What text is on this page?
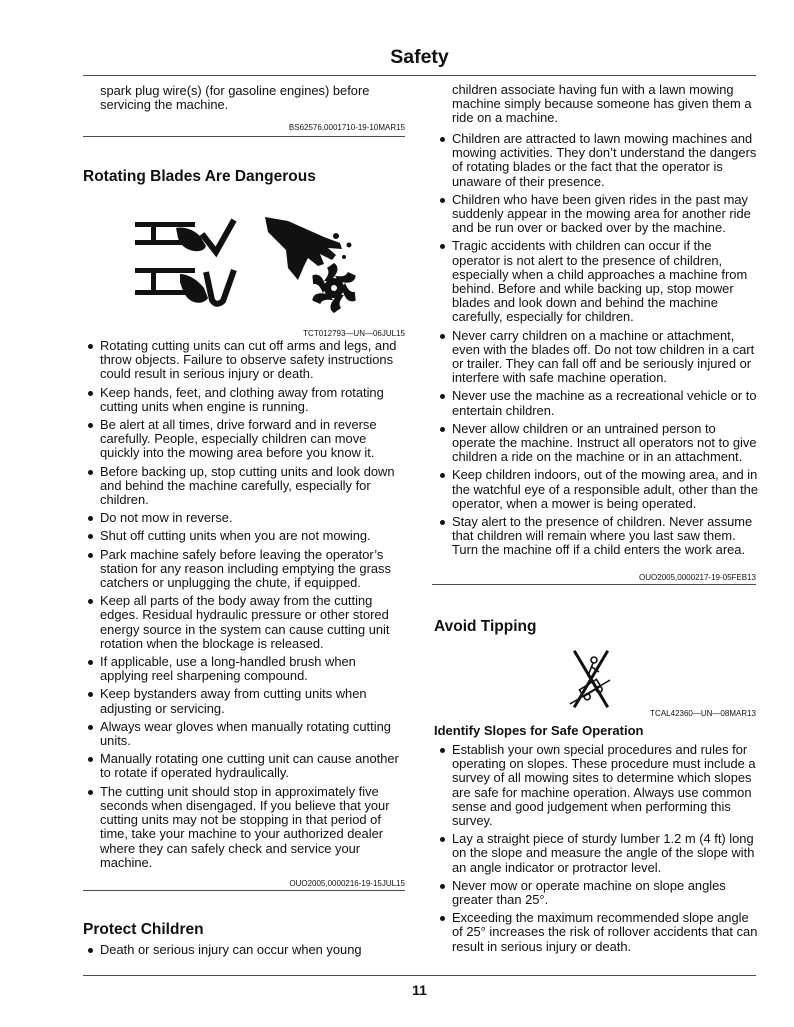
Safety
spark plug wire(s) (for gasoline engines) before
servicing the machine.
BS62576,0001710-19-10MAR15
Rotating Blades Are Dangerous
TCT012793—UN—06JUL15
Rotating cutting units can cut off arms and legs, and
throw objects. Failure to observe safety instructions
could result in serious injury or death.
Keep hands, feet, and clothing away from rotating
cutting units when engine is running.
Be alert at all times, drive forward and in reverse
carefully. People, especially children can move
quickly into the mowing area before you know it.
Before backing up, stop cutting units and look down
and behind the machine carefully, especially for
children.
Do not mow in reverse.
Shut off cutting units when you are not mowing.
Park machine safely before leaving the operator’s
station for any reason including emptying the grass
catchers or unplugging the chute, if equipped.
Keep all parts of the body away from the cutting
edges. Residual hydraulic pressure or other stored
energy source in the system can cause cutting unit
rotation when the blockage is released.
If applicable, use a long-handled brush when
applying reel sharpening compound.
Keep bystanders away from cutting units when
adjusting or servicing.
Always wear gloves when manually rotating cutting
units.
Manually rotating one cutting unit can cause another
to rotate if operated hydraulically.
The cutting unit should stop in approximately five
seconds when disengaged. If you believe that your
cutting units may not be stopping in that period of
time, take your machine to your authorized dealer
where they can safely check and service your
machine.
OUO2005,0000216-19-15JUL15
Protect Children
Death or serious injury can occur when young
children associate having fun with a lawn mowing
machine simply because someone has given them a
ride on a machine.
Children are attracted to lawn mowing machines and
mowing activities. They don’t understand the dangers
of rotating blades or the fact that the operator is
unaware of their presence.
Children who have been given rides in the past may
suddenly appear in the mowing area for another ride
and be run over or backed over by the machine.
Tragic accidents with children can occur if the
operator is not alert to the presence of children,
especially when a child approaches a machine from
behind. Before and while backing up, stop mower
blades and look down and behind the machine
carefully, especially for children.
Never carry children on a machine or attachment,
even with the blades off. Do not tow children in a cart
or trailer. They can fall off and be seriously injured or
interfere with safe machine operation.
Never use the machine as a recreational vehicle or to
entertain children.
Never allow children or an untrained person to
operate the machine. Instruct all operators not to give
children a ride on the machine or in an attachment.
Keep children indoors, out of the mowing area, and in
the watchful eye of a responsible adult, other than the
operator, when a mower is being operated.
Stay alert to the presence of children. Never assume
that children will remain where you last saw them.
Turn the machine off if a child enters the work area.
OUO2005,0000217-19-05FEB13
Avoid Tipping
TCAL42360—UN—08MAR13
Identify Slopes for Safe Operation
Establish your own special procedures and rules for
operating on slopes. These procedure must include a
survey of all mowing sites to determine which slopes
are safe for machine operation. Always use common
sense and good judgement when performing this
survey.
Lay a straight piece of sturdy lumber 1.2 m (4 ft) long
on the slope and measure the angle of the slope with
an angle indicator or protractor level.
Never mow or operate machine on slope angles
greater than 25°.
Exceeding the maximum recommended slope angle
of 25° increases the risk of rollover accidents that can
result in serious injury or death.
11
